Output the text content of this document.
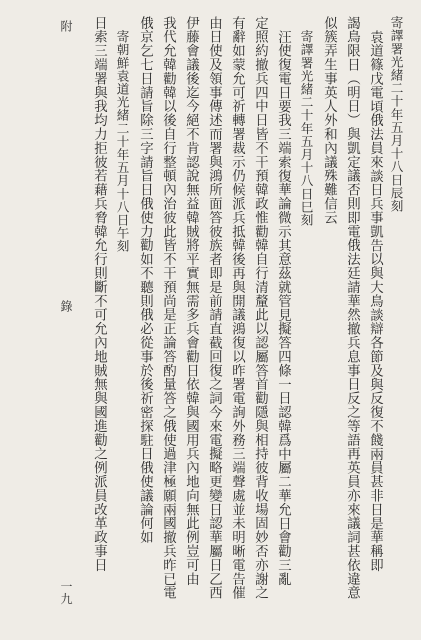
寄譯署光緒二十年五月十八日辰刻
袁道篠戊電頃俄法員來談日兵事凱告以與大鳥談辯各節及與反復不餞兩員甚非日是華稱即
謁鳥限日（明日）與凱定議否則即電俄法廷請華然撤兵息事日反之等語再英員亦來議詞甚依違意
似簇弄生事英人外和內議殊難信云
寄譯署光緒二十年五月十八日巳刻
汪使復電日要我三端索復華論微示其意茲就管見擬答四條一日認韓爲中屬二華允日會勸三亂
定照約撤兵四中日皆不干預韓政惟勸韓自行清釐此以認屬答首勸隱與相持彼背收場固妙否亦謝之
有辭如蒙允可祈轉署裁示仍候派兵抵韓後再與開議鴻復以昨署電詢外務三端聲處並未明晰電告催
由日使及領事傳述而署與鴻所面答彼族者即是前請直截回復之詞今來電擬略更變日認華屬日乙西
伊藤會議後迄今絕不肯認說無益韓賊將平實無需多兵會勸日依韓與國用兵內地向無此例豈可由
我代允韓勸韓以後自行整頓內治彼此皆不干預尚是正論答酌量答之俄使過津極願兩國撤兵昨已電
俄京乞七日請旨除三字請旨日俄使力勸如不聽則俄必從事於後祈密探駐日俄使議論何如
寄朝鮮袁道光緒二十年五月十八日午刻
日索三端署與我均力拒彼若藉兵脅韓允行則斷不可允內地賊無與國進勸之例派員改革政事日
附
錄
一九
